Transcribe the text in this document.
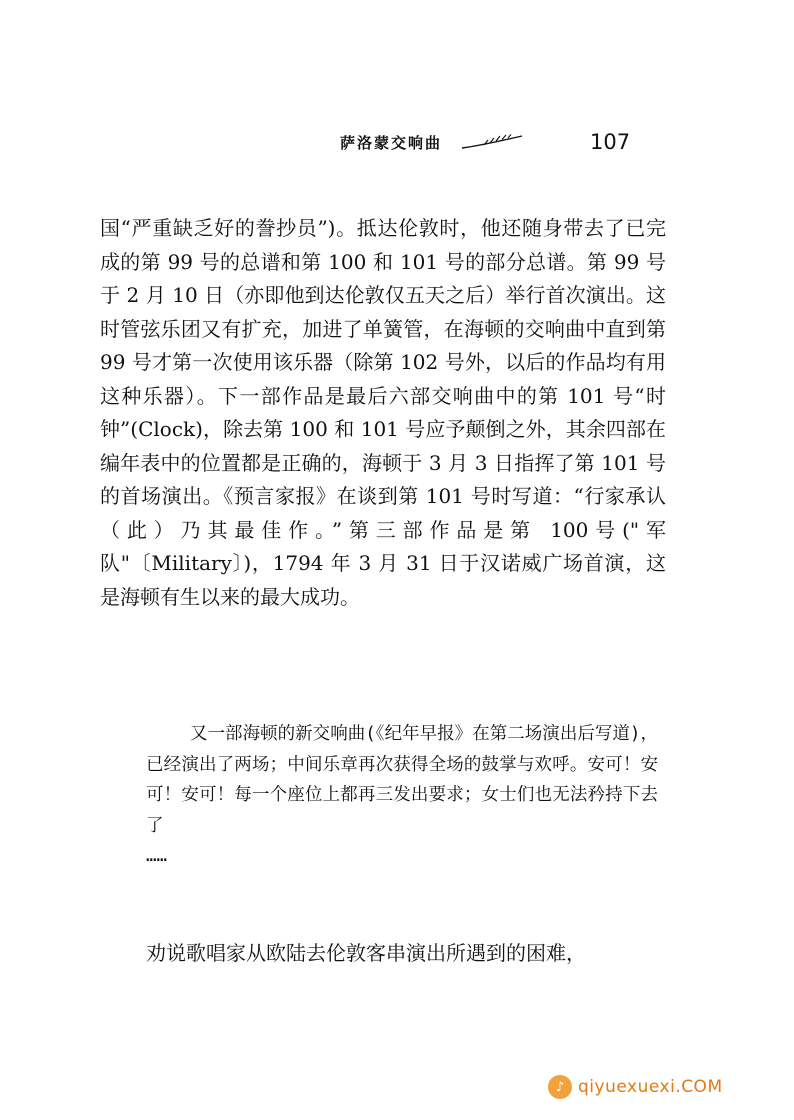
萨洛蒙交响曲	107

国“严重缺乏好的誊抄员”)。抵达伦敦时，他还随身带去了已完成的第 99 号的总谱和第 100 和 101 号的部分总谱。第 99 号于 2 月 10 日（亦即他到达伦敦仅五天之后）举行首次演出。这时管弦乐团又有扩充，加进了单簧管，在海顿的交响曲中直到第 99 号才第一次使用该乐器（除第 102 号外，以后的作品均有用这种乐器）。下一部作品是最后六部交响曲中的第 101 号“时钟”(Clock)，除去第 100 和 101 号应予颠倒之外，其余四部在编年表中的位置都是正确的，海顿于 3 月 3 日指挥了第 101 号的首场演出。《预言家报》在谈到第 101 号时写道：“行家承认（此）乃其最佳作。”第三部作品是第 100号("军队"〔Military〕)，1794 年 3 月 31 日于汉诺威广场首演，这是海顿有生以来的最大成功。

又一部海顿的新交响曲(《纪年早报》在第二场演出后写道)，已经演出了两场；中间乐章再次获得全场的鼓掌与欢呼。安可！安可！安可！每一个座位上都再三发出要求；女士们也无法矜持下去了
……

劝说歌唱家从欧陆去伦敦客串演出所遇到的困难，

♪ qiyuexuexi.COM
